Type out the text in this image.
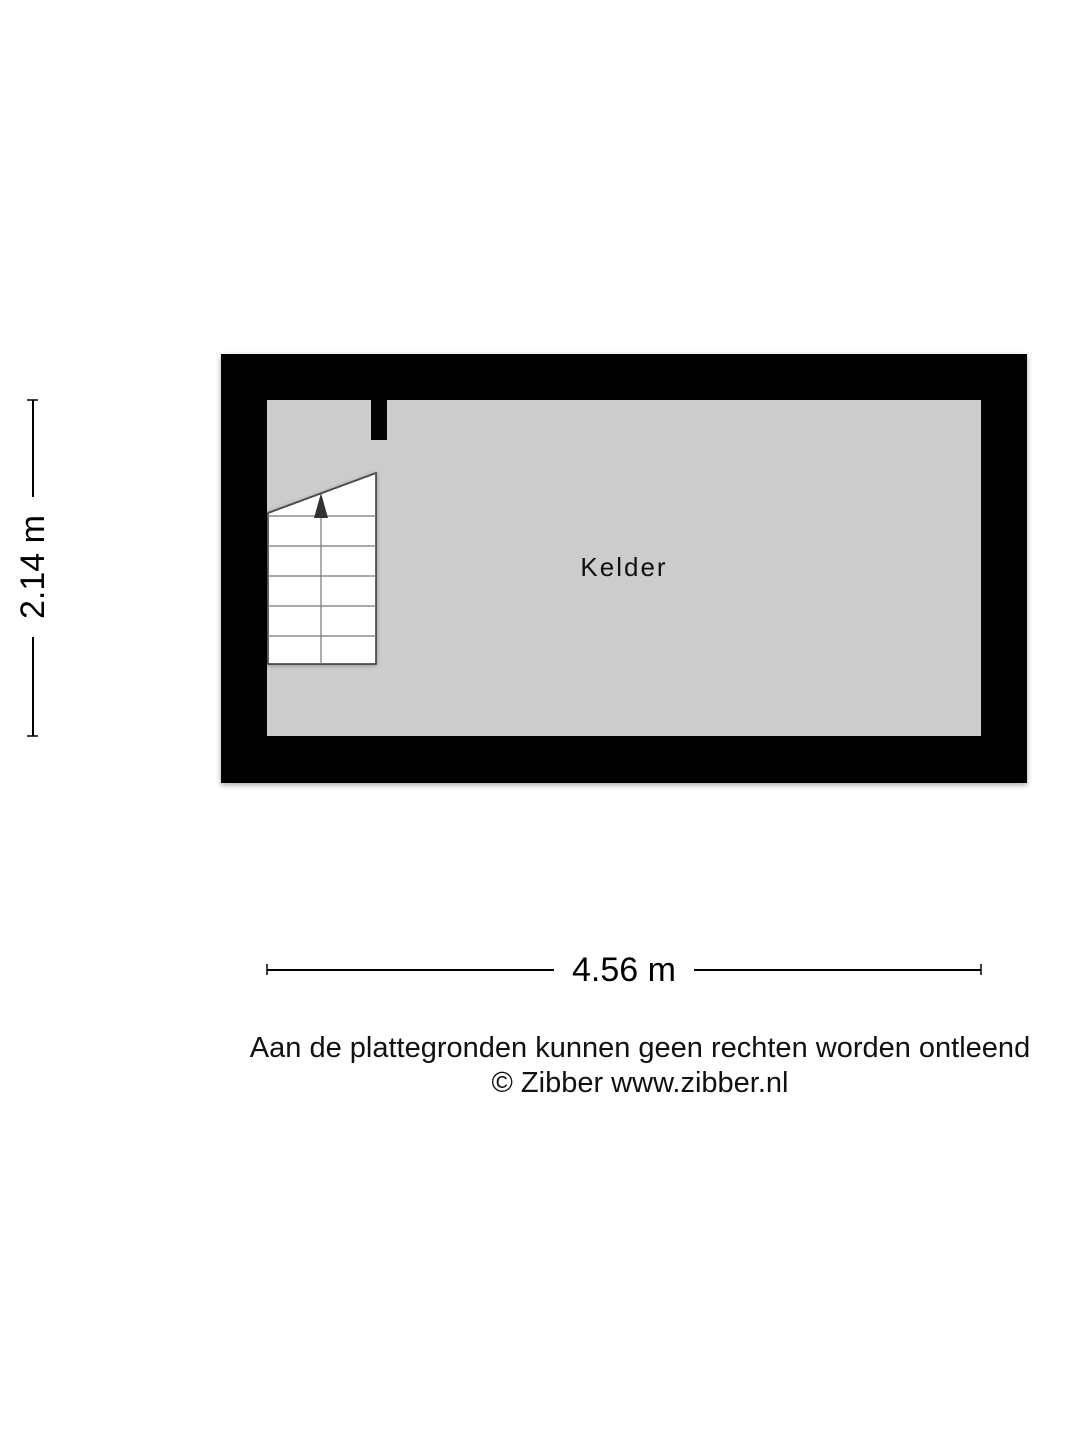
Kelder
4.56 m
2.14 m
Aan de plattegronden kunnen geen rechten worden ontleend
© Zibber www.zibber.nl
